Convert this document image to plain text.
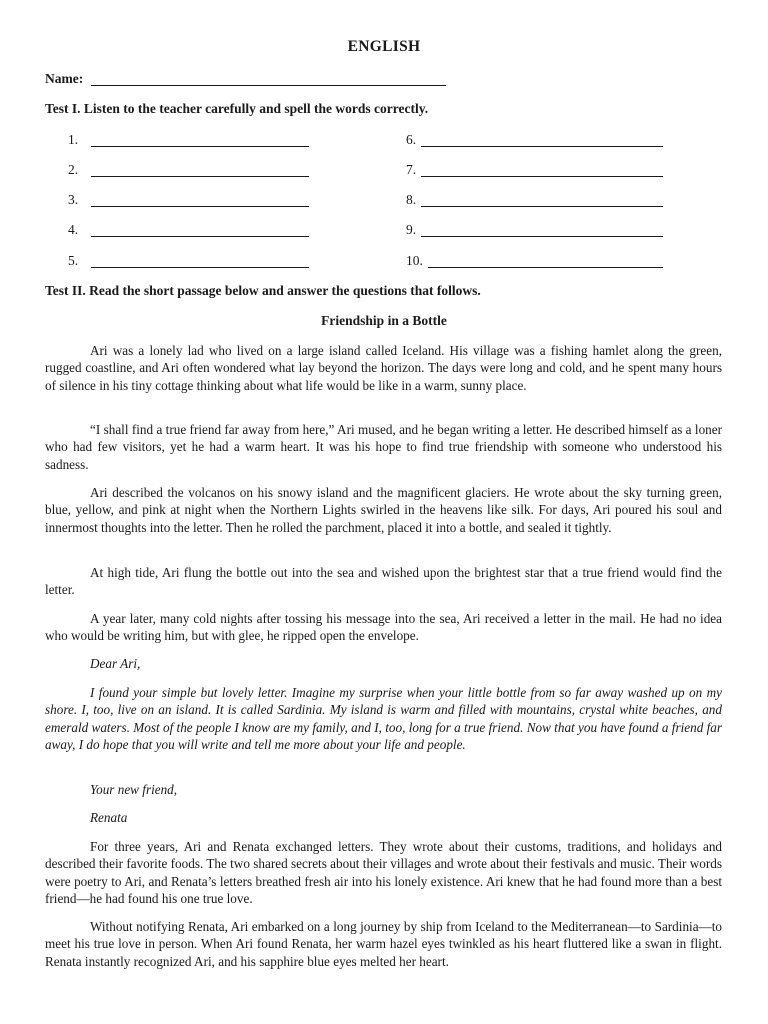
ENGLISH
Name:
Test I. Listen to the teacher carefully and spell the words correctly.
1.
2.
3.
4.
5.
6.
7.
8.
9.
10.
Test II. Read the short passage below and answer the questions that follows.
Friendship in a Bottle

Ari was a lonely lad who lived on a large island called Iceland. His village was a fishing hamlet along the green, rugged coastline, and Ari often wondered what lay beyond the horizon. The days were long and cold, and he spent many hours of silence in his tiny cottage thinking about what life would be like in a warm, sunny place.

“I shall find a true friend far away from here,” Ari mused, and he began writing a letter. He described himself as a loner who had few visitors, yet he had a warm heart. It was his hope to find true friendship with someone who understood his sadness.

Ari described the volcanos on his snowy island and the magnificent glaciers. He wrote about the sky turning green, blue, yellow, and pink at night when the Northern Lights swirled in the heavens like silk. For days, Ari poured his soul and innermost thoughts into the letter. Then he rolled the parchment, placed it into a bottle, and sealed it tightly.

At high tide, Ari flung the bottle out into the sea and wished upon the brightest star that a true friend would find the letter.

A year later, many cold nights after tossing his message into the sea, Ari received a letter in the mail. He had no idea who would be writing him, but with glee, he ripped open the envelope.

Dear Ari,

I found your simple but lovely letter. Imagine my surprise when your little bottle from so far away washed up on my shore. I, too, live on an island. It is called Sardinia. My island is warm and filled with mountains, crystal white beaches, and emerald waters. Most of the people I know are my family, and I, too, long for a true friend. Now that you have found a friend far away, I do hope that you will write and tell me more about your life and people.

Your new friend,
Renata

For three years, Ari and Renata exchanged letters. They wrote about their customs, traditions, and holidays and described their favorite foods. The two shared secrets about their villages and wrote about their festivals and music. Their words were poetry to Ari, and Renata’s letters breathed fresh air into his lonely existence. Ari knew that he had found more than a best friend—he had found his one true love.

Without notifying Renata, Ari embarked on a long journey by ship from Iceland to the Mediterranean—to Sardinia—to meet his true love in person. When Ari found Renata, her warm hazel eyes twinkled as his heart fluttered like a swan in flight. Renata instantly recognized Ari, and his sapphire blue eyes melted her heart.
